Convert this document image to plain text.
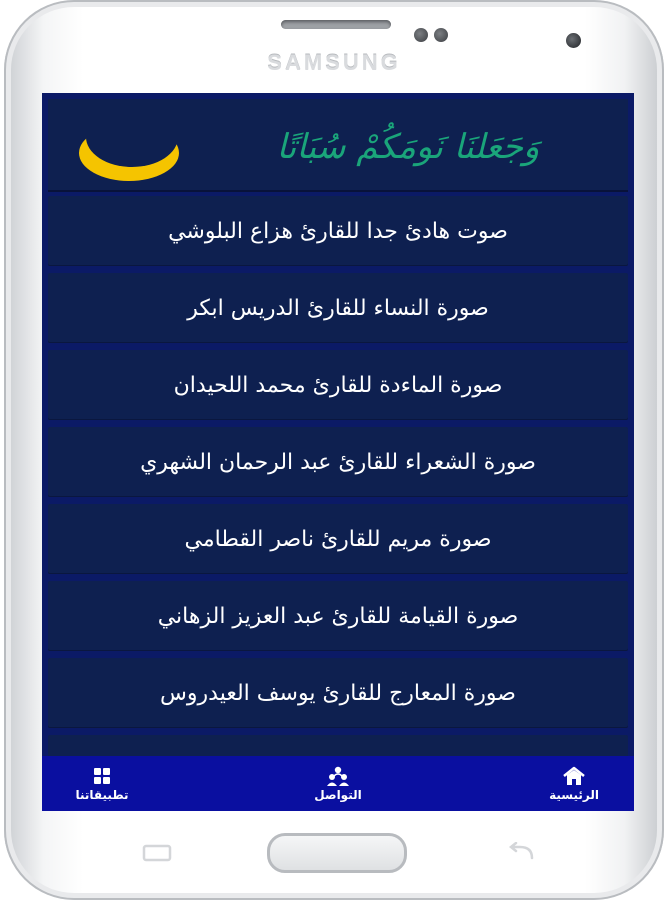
SAMSUNG
وَجَعَلنَا نَومَكُمْ سُبَاتًا
صوت هادئ جدا للقارئ هزاع البلوشي
صورة النساء للقارئ الدريس ابكر
صورة الماءدة للقارئ محمد اللحيدان
صورة الشعراء للقارئ عبد الرحمان الشهري
صورة مريم للقارئ ناصر القطامي
صورة القيامة للقارئ عبد العزيز الزهاني
صورة المعارج للقارئ يوسف العيدروس
تطبيقاتنا	التواصل	الرئيسية
